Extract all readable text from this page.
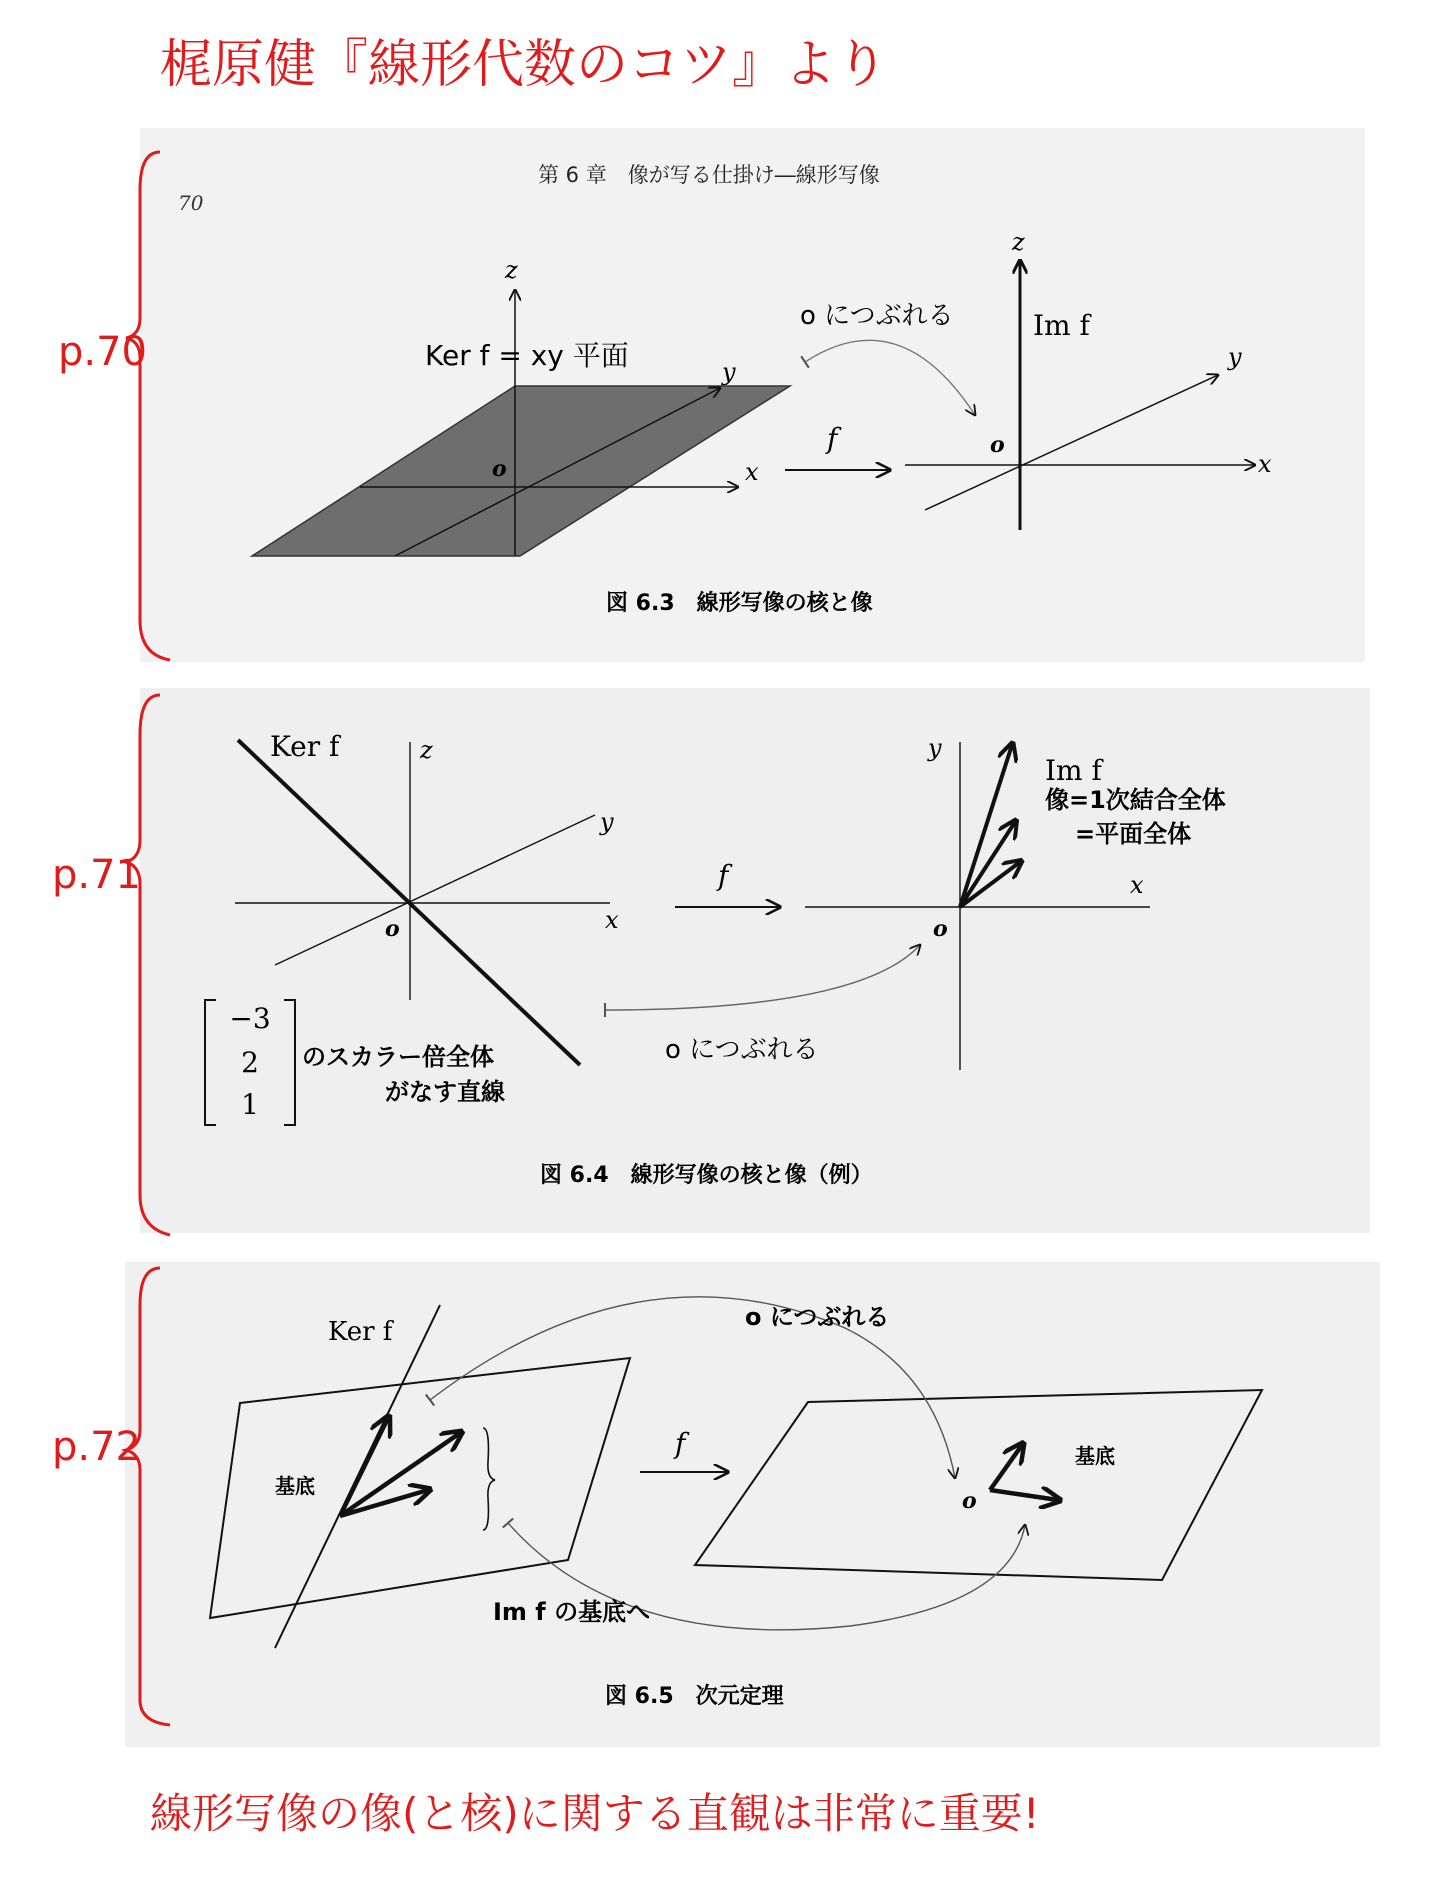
梶原健『線形代数のコツ』より
p.70
70
第 6 章　像が写る仕掛け―線形写像
z
x
y
o
Ker f = xy 平面
f
o につぶれる
z
x
y
o
Im f
図 6.3　線形写像の核と像
p.71
Ker f	z
y
x
o
f
y
x
o
Im f
像=1次結合全体
=平面全体
o につぶれる
−3
2
1
のスカラー倍全体
がなす直線
図 6.4　線形写像の核と像（例）
p.72
Ker f
基底
f
o
基底
o につぶれる
Im f の基底へ
図 6.5　次元定理
線形写像の像(と核)に関する直観は非常に重要!
